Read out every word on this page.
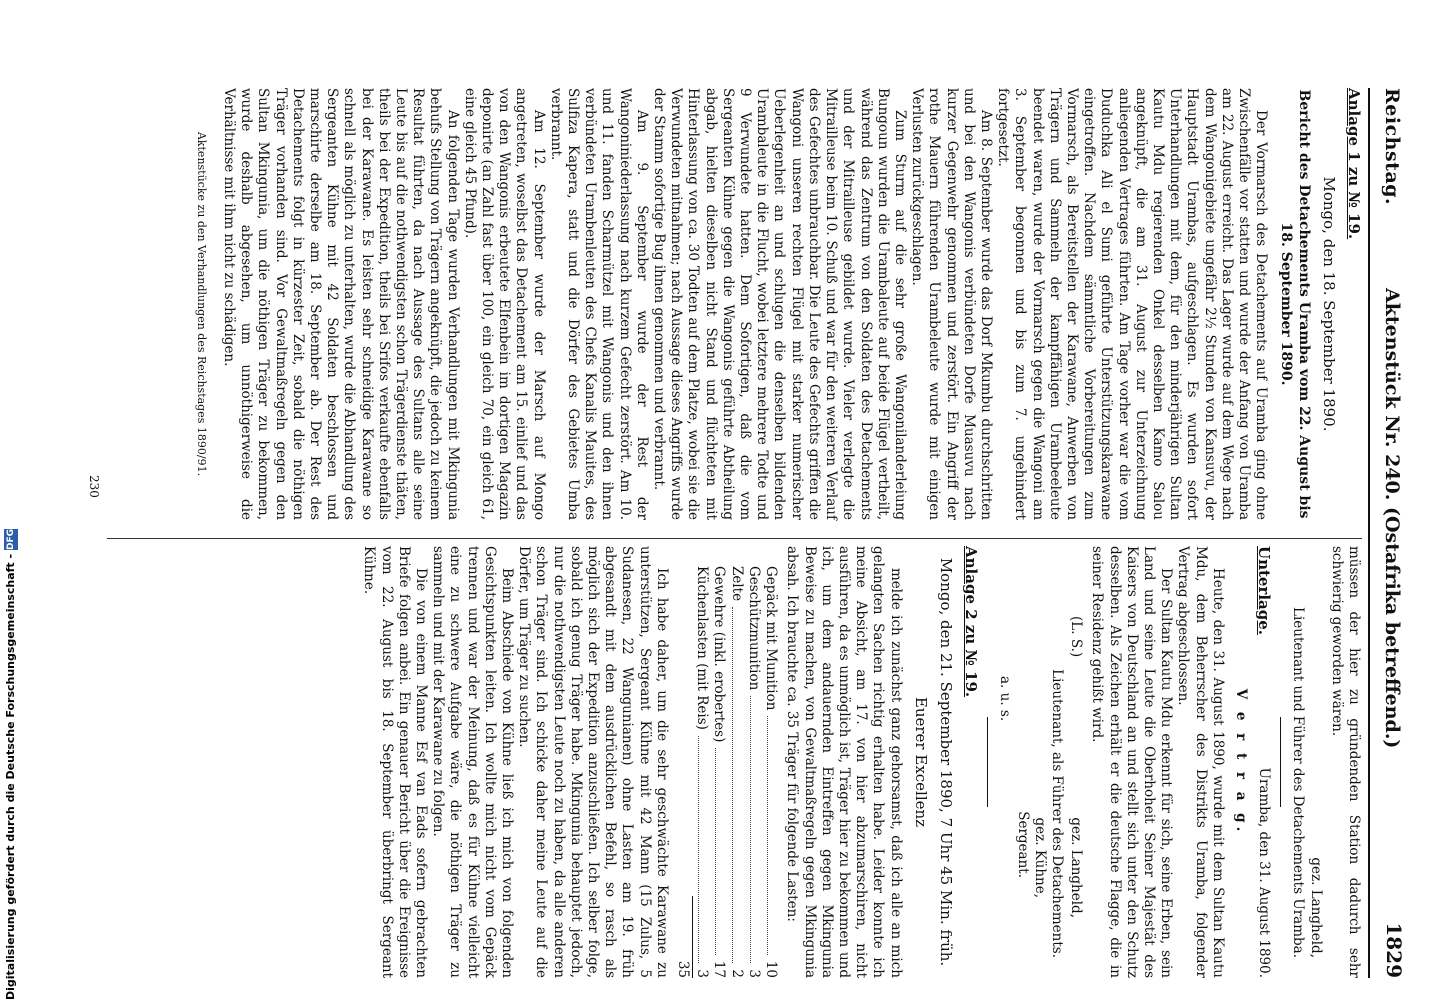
Reichstag.
Aktenstück Nr. 240. (Ostafrika betreffend.)
1829
Anlage 1 zu № 19.
Mongo, den 18. September 1890.
Bericht des Detachements Uramba vom 22. August bis 18. September 1890.

Der Vormarsch des Detachements auf Uramba ging ohne Zwischenfälle vor statten und wurde der Anfang von Uramba am 22. August erreicht. Das Lager wurde auf dem Wege nach dem Wangonigebiete ungefähr 2½ Stunden von Kansuvu, der Hauptstadt Urambas, aufgeschlagen. Es wurden sofort Unterhandlungen mit dem, für den minderjährigen Sultan Kautu Mdu regierenden Onkel desselben Kamo Salou angeknüpft, die am 31. August zur Unterzeichnung anliegenden Vertrages führten. Am Tage vorher war die vom Duduchka Ali el Sumi geführte Unterstützungskarawane eingetroffen. Nachdem sämmtliche Vorbereitungen zum Vormarsch, als Bereitstellen der Karawane, Anwerben von Trägern und Sammeln der kampffähigen Urambeeleute beendet waren, wurde der Vormarsch gegen die Wangoni am 3. September begonnen und bis zum 7. ungehindert fortgesetzt.

Am 8. September wurde das Dorf Mkumbu durchschritten und bei den Wangonis verbündeten Dorfe Muasuvu nach kurzer Gegenwehr genommen und zerstört. Ein Angriff der rothe Mauern führenden Urambeleute wurde mit einigen Verlusten zurückgeschlagen.

Zum Sturm auf die sehr große Wangonilanderleiung Bungoun wurden die Urambaleute auf beide Flügel vertheilt, während das Zentrum von den Soldaten des Detachements und der Mitrailleuse gebildet wurde. Vieler verlegte die Mitrailleuse beim 10. Schuß und war für den weiteren Verlauf des Gefechtes unbrauchbar. Die Leute des Gefechts griffen die Wangoni unseren rechten Flügel mit starker numerischer Ueberlegenheit an und schlugen die denselben bildenden Urambaleute in die Flucht, wobei letztere mehrere Todte und 9 Verwundete hatten. Dem Sofortigen, daß die vom Sergeanten Kühne gegen die Wangonis geführte Abtheilung abgab, hielten dieselben nicht Stand und flüchteten mit Hinterlassung von ca. 30 Todten auf dem Platze, wobei sie die Verwundeten mitnahmen; nach Aussage dieses Angriffs wurde der Stamm sofortige Bug ihnen genommen und verbrannt.

Am 9. September wurde der Rest der Wangoniniederlassung nach kurzem Gefecht zerstört. Am 10. und 11. fanden Scharmützel mit Wangonis und den ihnen verbündeten Urambenleuten des Chefs Kanalis Mauites, des Sulfiza Kapera, statt und die Dörfer des Gebietes Umba verbrannt.

Am 12. September wurde der Marsch auf Mongo angetreten, woselbst das Detachement am 15. einlief und das von den Wangonis erbeutete Elfenbein im dortigen Magazin deponirte (an Zahl fast über 100, ein gleich 70, ein gleich 61, eine gleich 45 Pfund).

An folgenden Tage wurden Verhandlungen mit Mkingunia behufs Stellung von Trägern angeknüpft, die jedoch zu keinem Resultat führten, da nach Aussage des Sultans alle seine Leute bis auf die nothwendigsten schon Trägerdienste thäten, theils bei der Expedition, theils bei Srifos verkaufte ebenfalls bei der Karawane. Es leisten sehr schneidige Karawane so schnell als möglich zu unterhalten, wurde die Abhandlung des Sergeanten Kühne mit 42 Soldaten beschlossen und marschirte derselbe am 18. September ab. Der Rest des Detachements folgt in kürzester Zeit, sobald die nöthigen Träger vorhanden sind. Vor Gewaltmaßregeln gegen den Sultan Mkingunia, um die nöthigen Träger zu bekommen, wurde deshalb abgesehen, um unnöthigerweise die Verhältnisse mit ihm nicht zu schädigen.

Aktenstücke zu den Verhandlungen des Reichstages 1890/91.

müssen der hier zu gründenden Station dadurch sehr schwierig geworden wären.

gez. Langheld,
Lieutenant und Führer des Detachements Uramba.
Unterlage.
Uramba, den 31. August 1890.
V e r t r a g.

Heute, den 31. August 1890, wurde mit dem Sultan Kautu Mdu, dem Beherrscher des Distrikts Uramba, folgender Vertrag abgeschlossen.

Der Sultan Kautu Mdu erkennt für sich, seine Erben, sein Land und seine Leute die Oberhoheit Seiner Majestät des Kaisers von Deutschland an und stellt sich unter den Schutz desselben. Als Zeichen erhält er die deutsche Flagge, die in seiner Residenz gehißt wird.

(L. S.)
gez. Langheld,
Lieutenant, als Führer des Detachements.
gez. Kühne,
Sergeant.
a. u. s.
Anlage 2 zu № 19.
Mongo, den 21. September 1890, 7 Uhr 45 Min. früh.
Euerer Excellenz

melde ich zunächst ganz gehorsamst, daß ich alle an mich gelangten Sachen richtig erhalten habe. Leider konnte ich meine Absicht, am 17. von hier abzumarschiren, nicht ausführen, da es unmöglich ist, Träger hier zu bekommen und ich, um dem andauernden Eintreffen gegen Mkingunia Beweise zu machen, von Gewaltmaßregeln gegen Mkingunia absah. Ich brauchte ca. 35 Träger für folgende Lasten:

Gepäck mit Munition
10
Geschützmunition
3
Zelte
2
Gewehre (inkl. erobertes)
17
Küchenlasten (mit Reis)
3
35

Ich habe daher, um die sehr geschwächte Karawane zu unterstützen, Sergeant Kühne mit 42 Mann (15 Zulus, 5 Sudanesen, 22 Wangunianen) ohne Lasten am 19. früh abgesandt mit dem ausdrücklichen Befehl, so rasch als möglich sich der Expedition anzuschließen. Ich selber folge, sobald ich genug Träger habe. Mkingunia behauptet jedoch, nur die nothwendigsten Leute noch zu haben, da alle anderen schon Träger sind. Ich schicke daher meine Leute auf die Dörfer, um Träger zu suchen.

Beim Abschiede von Kühne ließ ich mich von folgenden Gesichtspunkten leiten. Ich wollte mich nicht vom Gepäck trennen und war der Meinung, daß es für Kühne vielleicht eine zu schwere Aufgabe wäre, die nöthigen Träger zu sammeln und mit der Karawane zu folgen.

Die von einem Manne Esf van Eads sofern gebrachten Briefe folgen anbei. Ein genauer Bericht über die Ereignisse vom 22. August bis 18. September überbringt Sergeant Kühne.

230
Digitalisierung gefördert durch die Deutsche Forschungsgemeinschaft - DFG
